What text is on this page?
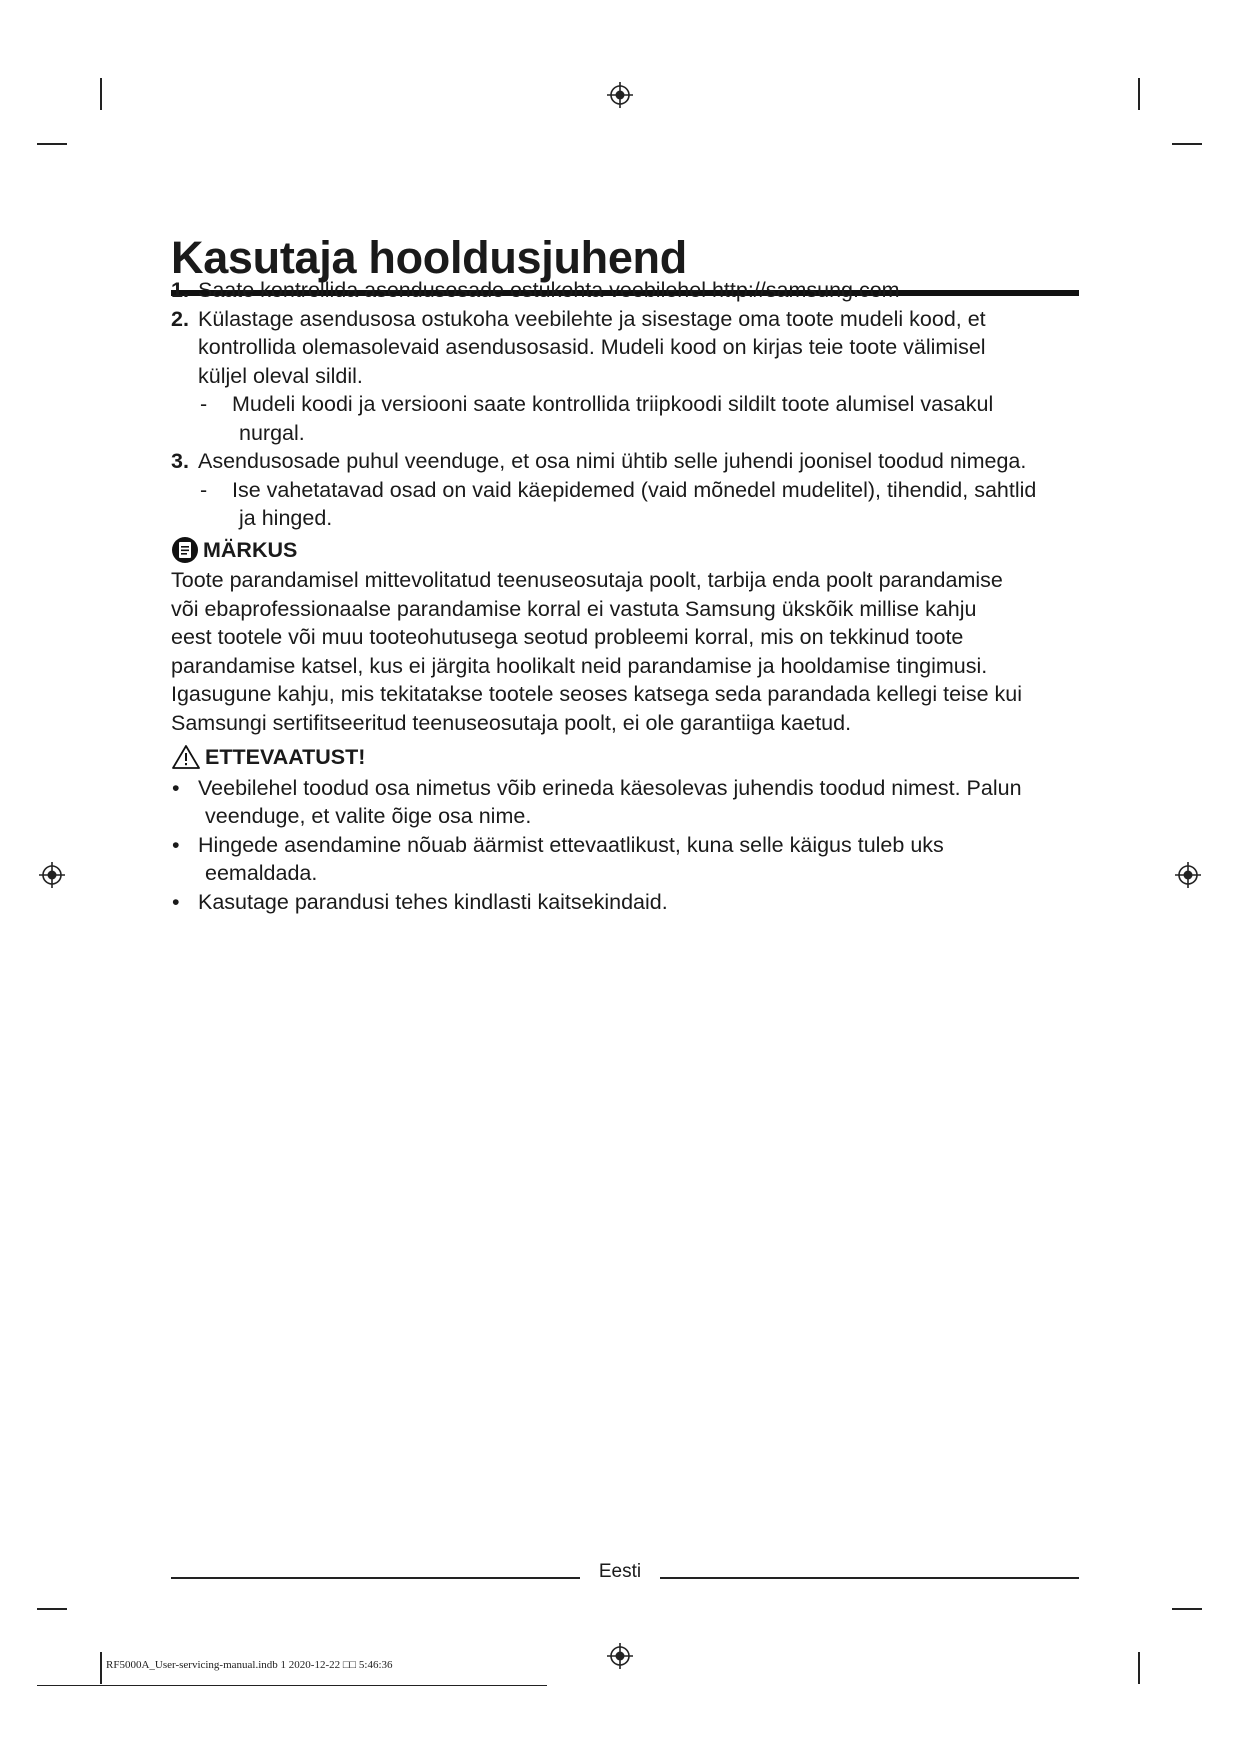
Kasutaja hooldusjuhend
1. Saate kontrollida asendusosade ostukohta veebilehel http://samsung.com
2. Külastage asendusosa ostukoha veebilehte ja sisestage oma toote mudeli kood, et
kontrollida olemasolevaid asendusosasid. Mudeli kood on kirjas teie toote välimisel
küljel oleval sildil.
- Mudeli koodi ja versiooni saate kontrollida triipkoodi sildilt toote alumisel vasakul
nurgal.
3. Asendusosade puhul veenduge, et osa nimi ühtib selle juhendi joonisel toodud nimega.
- Ise vahetatavad osad on vaid käepidemed (vaid mõnedel mudelitel), tihendid, sahtlid
ja hinged.
MÄRKUS
Toote parandamisel mittevolitatud teenuseosutaja poolt, tarbija enda poolt parandamise
või ebaprofessionaalse parandamise korral ei vastuta Samsung ükskõik millise kahju
eest tootele või muu tooteohutusega seotud probleemi korral, mis on tekkinud toote
parandamise katsel, kus ei järgita hoolikalt neid parandamise ja hooldamise tingimusi.
Igasugune kahju, mis tekitatakse tootele seoses katsega seda parandada kellegi teise kui
Samsungi sertifitseeritud teenuseosutaja poolt, ei ole garantiiga kaetud.
ETTEVAATUST!
• Veebilehel toodud osa nimetus võib erineda käesolevas juhendis toodud nimest. Palun
veenduge, et valite õige osa nime.
• Hingede asendamine nõuab äärmist ettevaatlikust, kuna selle käigus tuleb uks
eemaldada.
• Kasutage parandusi tehes kindlasti kaitsekindaid.
Eesti
RF5000A_User-servicing-manual.indb 1 2020-12-22 □□ 5:46:36
